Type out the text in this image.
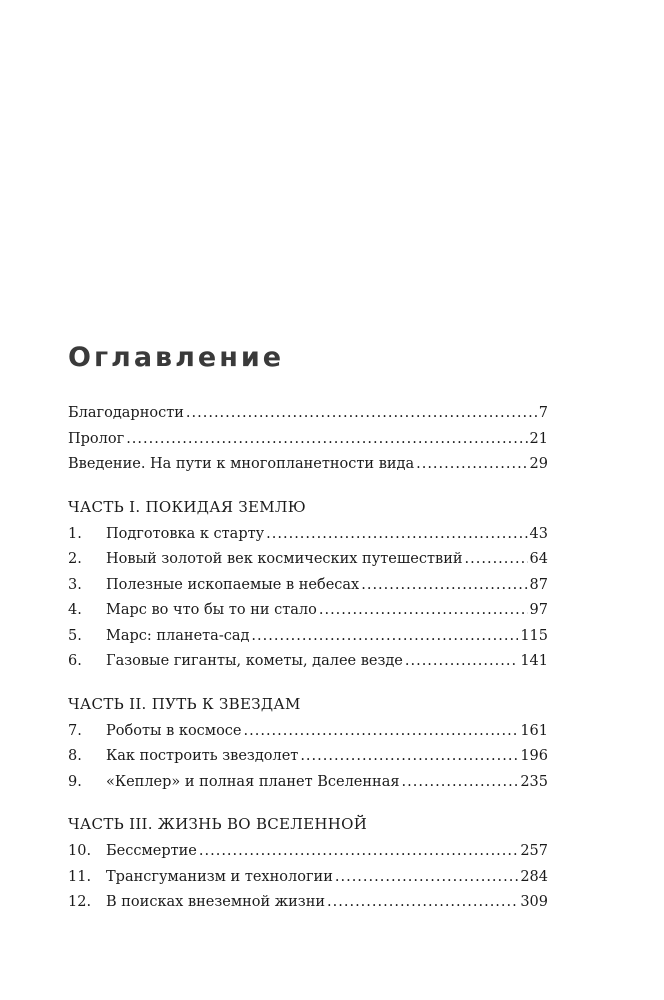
Оглавление
Благодарности .....	7
Пролог .....	21
Введение. На пути к многопланетности вида .....	29
ЧАСТЬ I. ПОКИДАЯ ЗЕМЛЮ
1.	Подготовка к старту .....	43
2.	Новый золотой век космических путешествий .....	64
3.	Полезные ископаемые в небесах .....	87
4.	Марс во что бы то ни стало .....	97
5.	Марс: планета-сад .....	115
6.	Газовые гиганты, кометы, далее везде .....	141
ЧАСТЬ II. ПУТЬ К ЗВЕЗДАМ
7.	Роботы в космосе .....	161
8.	Как построить звездолет .....	196
9.	«Кеплер» и полная планет Вселенная .....	235
ЧАСТЬ III. ЖИЗНЬ ВО ВСЕЛЕННОЙ
10.	Бессмертие .....	257
11.	Трансгуманизм и технологии .....	284
12.	В поисках внеземной жизни .....	309
